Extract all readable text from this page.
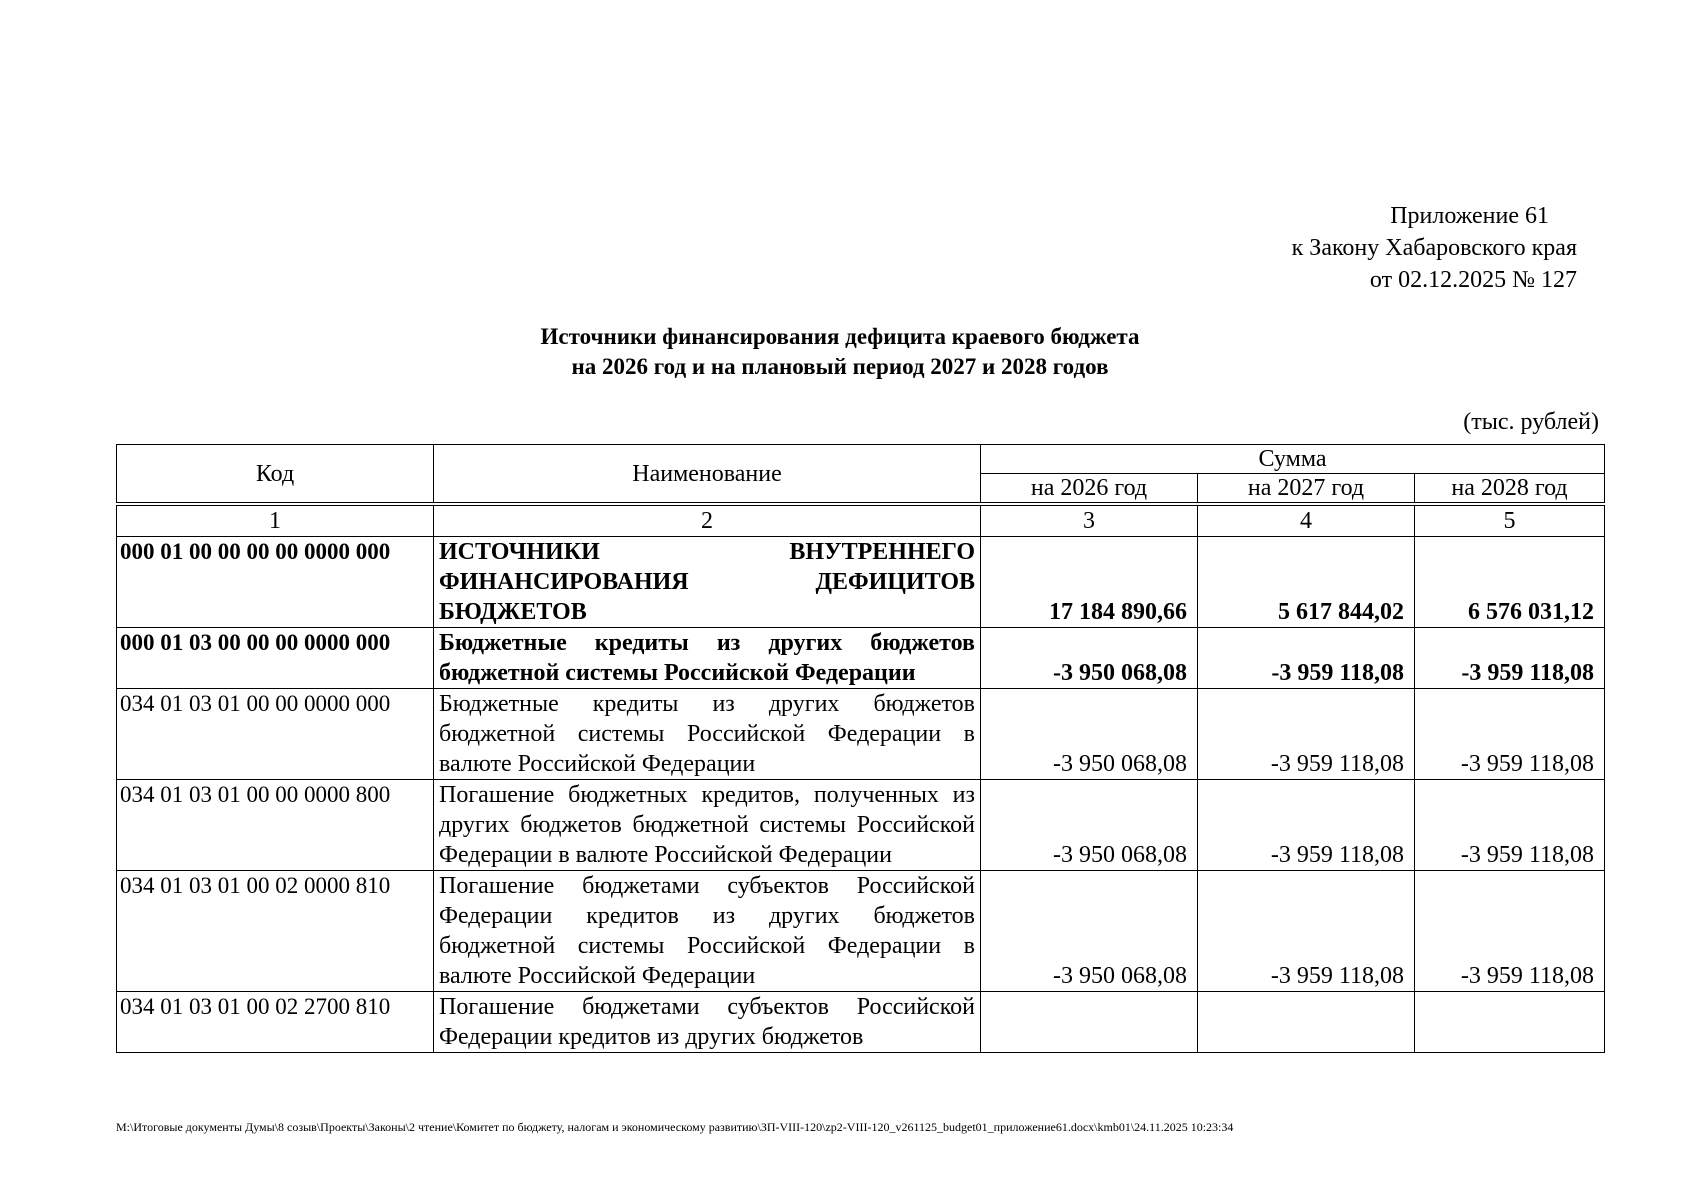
Приложение 61
к Закону Хабаровского края
от 02.12.2025 № 127
Источники финансирования дефицита краевого бюджета
на 2026 год и на плановый период 2027 и 2028 годов
(тыс. рублей)
Код	Наименование	Сумма		
		на 2026 год	на 2027 год	на 2028 год
1	2	3	4	5
000 01 00 00 00 00 0000 000	ИСТОЧНИКИ ВНУТРЕННЕГО ФИНАНСИРОВАНИЯ ДЕФИЦИТОВ БЮДЖЕТОВ	17 184 890,66	5 617 844,02	6 576 031,12
000 01 03 00 00 00 0000 000	Бюджетные кредиты из других бюджетов бюджетной системы Российской Федерации	-3 950 068,08	-3 959 118,08	-3 959 118,08
034 01 03 01 00 00 0000 000	Бюджетные кредиты из других бюджетов бюджетной системы Российской Федерации в валюте Российской Федерации	-3 950 068,08	-3 959 118,08	-3 959 118,08
034 01 03 01 00 00 0000 800	Погашение бюджетных кредитов, полученных из других бюджетов бюджетной системы Российской Федерации в валюте Российской Федерации	-3 950 068,08	-3 959 118,08	-3 959 118,08
034 01 03 01 00 02 0000 810	Погашение бюджетами субъектов Российской Федерации кредитов из других бюджетов бюджетной системы Российской Федерации в валюте Российской Федерации	-3 950 068,08	-3 959 118,08	-3 959 118,08
034 01 03 01 00 02 2700 810	Погашение бюджетами субъектов Российской Федерации кредитов из других бюджетов			
M:\Итоговые документы Думы\8 созыв\Проекты\Законы\2 чтение\Комитет по бюджету, налогам и экономическому развитию\ЗП-VIII-120\zp2-VIII-120_v261125_budget01_приложение61.docx\kmb01\24.11.2025 10:23:34
